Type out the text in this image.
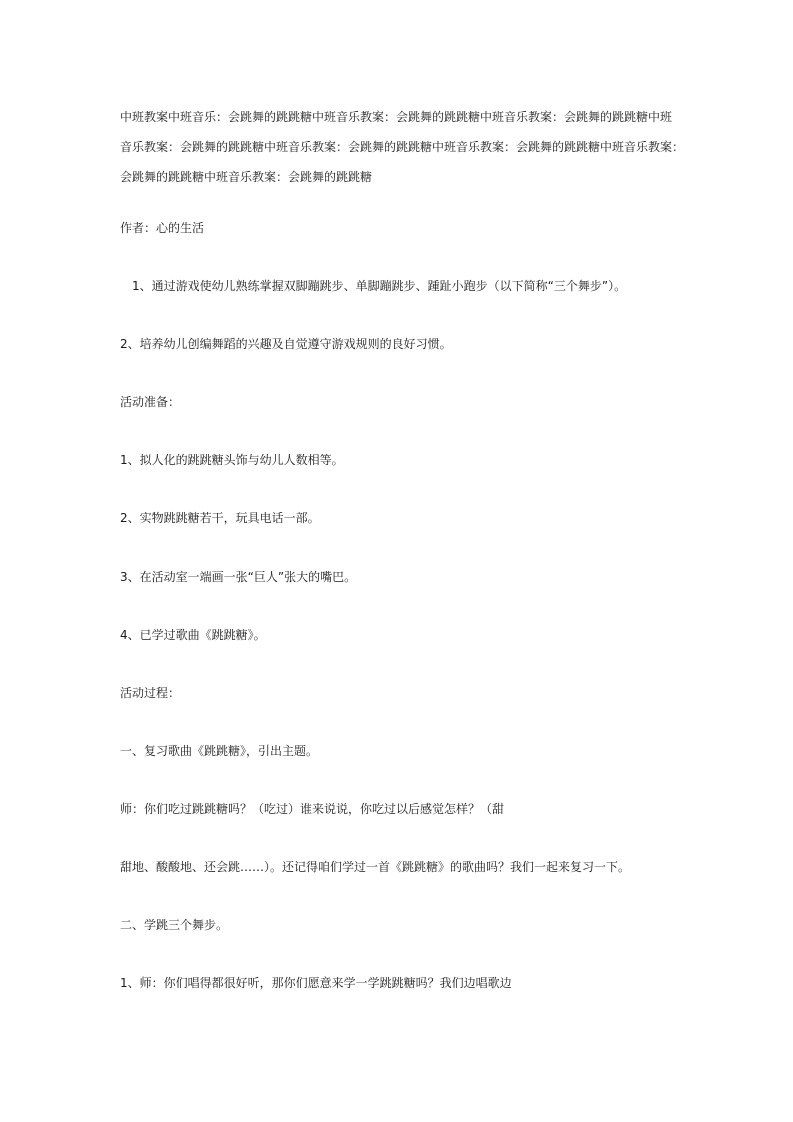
中班教案中班音乐：会跳舞的跳跳糖中班音乐教案：会跳舞的跳跳糖中班音乐教案：会跳舞的跳跳糖中班
音乐教案：会跳舞的跳跳糖中班音乐教案：会跳舞的跳跳糖中班音乐教案：会跳舞的跳跳糖中班音乐教案：
会跳舞的跳跳糖中班音乐教案：会跳舞的跳跳糖
作者：心的生活
　1、通过游戏使幼儿熟练掌握双脚蹦跳步、单脚蹦跳步、踵趾小跑步（以下简称“三个舞步”）。
2、培养幼儿创编舞蹈的兴趣及自觉遵守游戏规则的良好习惯。
活动准备：
1、拟人化的跳跳糖头饰与幼儿人数相等。
2、实物跳跳糖若干，玩具电话一部。
3、在活动室一端画一张“巨人”张大的嘴巴。
4、已学过歌曲《跳跳糖》。
活动过程：
一、复习歌曲《跳跳糖》，引出主题。
师：你们吃过跳跳糖吗？（吃过）谁来说说，你吃过以后感觉怎样？（甜
甜地、酸酸地、还会跳……）。还记得咱们学过一首《跳跳糖》的歌曲吗？我们一起来复习一下。
二、学跳三个舞步。
1、师：你们唱得都很好听，那你们愿意来学一学跳跳糖吗？我们边唱歌边
